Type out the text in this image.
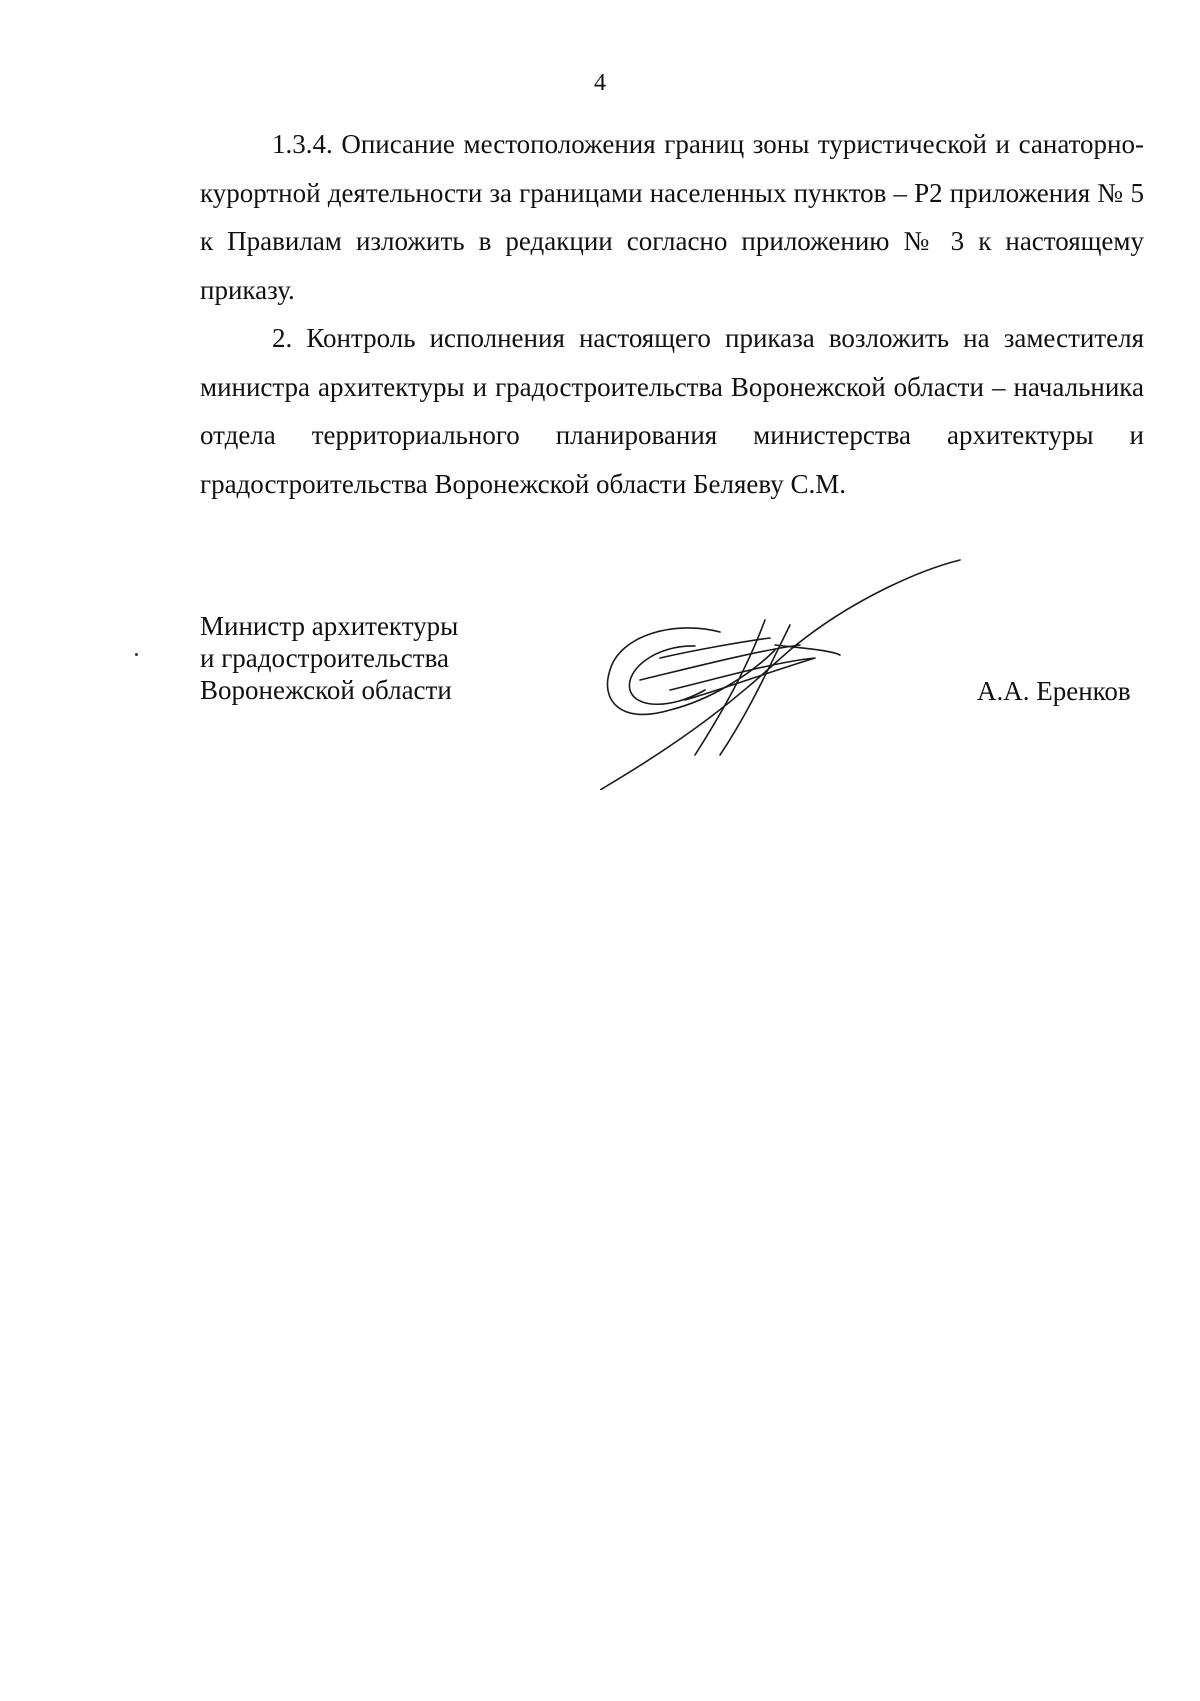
4

1.3.4. Описание местоположения границ зоны туристической и санаторно-курортной деятельности за границами населенных пунктов – Р2 приложения № 5 к Правилам изложить в редакции согласно приложению № 3 к настоящему приказу.

2. Контроль исполнения настоящего приказа возложить на заместителя министра архитектуры и градостроительства Воронежской области – начальника отдела территориального планирования министерства архитектуры и градостроительства Воронежской области Беляеву С.М.

Министр архитектуры
и градостроительства
Воронежской области	А.А. Еренков
